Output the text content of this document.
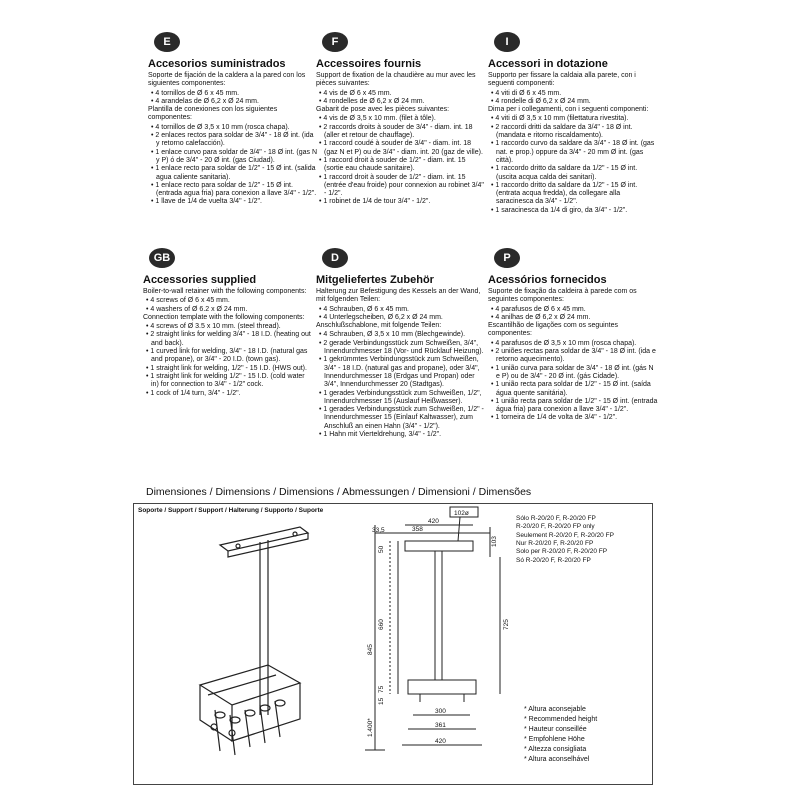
E
Accesorios suministrados
Soporte de fijación de la caldera a la pared con los siguientes componentes:
• 4 tornillos de Ø 6 x 45 mm.
• 4 arandelas de Ø 6,2 x Ø 24 mm.
Plantilla de conexiones con los siguientes componentes:
• 4 tornillos de Ø 3,5 x 10 mm (rosca chapa).
• 2 enlaces rectos para soldar de 3/4" - 18 Ø int. (ida y retorno calefacción).
• 1 enlace curvo para soldar de 3/4" - 18 Ø int. (gas N y P) ó de 3/4" - 20 Ø int. (gas Ciudad).
• 1 enlace recto para soldar de 1/2" - 15 Ø int. (salida agua caliente sanitaria).
• 1 enlace recto para soldar de 1/2" - 15 Ø int. (entrada agua fria) para conexion a llave 3/4" - 1/2".
• 1 llave de 1/4 de vuelta 3/4" - 1/2".
F
Accessoires fournis
Support de fixation de la chaudière au mur avec les pièces suivantes:
• 4 vis de Ø 6 x 45 mm.
• 4 rondelles de Ø 6,2 x Ø 24 mm.
Gabarit de pose avec les pièces suivantes:
• 4 vis de Ø 3,5 x 10 mm. (filet à tôle).
• 2 raccords droits à souder de 3/4" - diam. int. 18 (aller et retour de chauffage).
• 1 raccord coudé à souder de 3/4" - diam. int. 18 (gaz N et P) ou de 3/4" - diam. int. 20 (gaz de ville).
• 1 raccord droit à souder de 1/2" - diam. int. 15 (sortie eau chaude sanitaire).
• 1 raccord droit à souder de 1/2" - diam. int. 15 (entrée d'eau froide) pour connexion au robinet 3/4" - 1/2".
• 1 robinet de 1/4 de tour 3/4" - 1/2".
I
Accessori in dotazione
Supporto per fissare la caldaia alla parete, con i seguenti componenti:
• 4 viti di Ø 6 x 45 mm.
• 4 rondelle di Ø 6,2 x Ø 24 mm.
Dima per i collegamenti, con i seguenti componenti:
• 4 viti di Ø 3,5 x 10 mm (filettatura rivestita).
• 2 raccordi dritti da saldare da 3/4" - 18 Ø int. (mandata e ritorno riscaldamento).
• 1 raccordo curvo da saldare da 3/4" - 18 Ø int. (gas nat. e prop.) oppure da 3/4" - 20 mm Ø int. (gas città).
• 1 raccordo dritto da saldare da 1/2" - 15 Ø int. (uscita acqua calda dei sanitari).
• 1 raccordo dritto da saldare da 1/2" - 15 Ø int. (entrata acqua fredda), da collegare alla saracinesca da 3/4" - 1/2".
• 1 saracinesca da 1/4 di giro, da 3/4" - 1/2".
GB
Accessories supplied
Boiler-to-wall retainer with the following components:
• 4 screws of Ø 6 x 45 mm.
• 4 washers of Ø 6.2 x Ø 24 mm.
Connection template with the following components:
• 4 screws of Ø 3.5 x 10 mm. (steel thread).
• 2 straight links for welding 3/4" - 18 I.D. (heating out and back).
• 1 curved link for welding, 3/4" - 18 I.D. (natural gas and propane), or 3/4" - 20 I.D. (town gas).
• 1 straight link for welding, 1/2" - 15 I.D. (HWS out).
• 1 straight link for welding 1/2" - 15 I.D. (cold water in) for connection to 3/4" - 1/2" cock.
• 1 cock of 1/4 turn, 3/4" - 1/2".
D
Mitgeliefertes Zubehör
Halterung zur Befestigung des Kessels an der Wand, mit folgenden Teilen:
• 4 Schrauben, Ø 6 x 45 mm.
• 4 Unterlegscheiben, Ø 6,2 x Ø 24 mm.
Anschlußschablone, mit folgende Teilen:
• 4 Schrauben, Ø 3,5 x 10 mm (Blechgewinde).
• 2 gerade Verbindungsstück zum Schweißen, 3/4", Innendurchmesser 18 (Vor- und Rücklauf Heizung).
• 1 gekrümmtes Verbindungsstück zum Schweißen, 3/4" - 18 I.D. (natural gas and propane), oder 3/4", Innendurchmesser 18 (Erdgas und Propan) oder 3/4", Innendurchmesser 20 (Stadtgas).
• 1 gerades Verbindungsstück zum Schweißen, 1/2", Innendurchmesser 15 (Auslauf Heißwasser).
• 1 gerades Verbindungsstück zum Schweißen, 1/2" - Innendurchmesser 15 (Einlauf Kaltwasser), zum Anschluß an einen Hahn (3/4" - 1/2").
• 1 Hahn mit Vierteldrehung, 3/4" - 1/2".
P
Acessórios fornecidos
Suporte de fixação da caldeira à parede com os seguintes componentes:
• 4 parafusos de Ø 6 x 45 mm.
• 4 anilhas de Ø 6,2 x Ø 24 mm.
Escantilhão de ligações com os seguintes componentes:
• 4 parafusos de Ø 3,5 x 10 mm (rosca chapa).
• 2 uniões rectas para soldar de 3/4" - 18 Ø int. (ida e retorno aquecimento).
• 1 união curva para soldar de 3/4" - 18 Ø int. (gás N e P) ou de 3/4" - 20 Ø int. (gás Cidade).
• 1 união recta para soldar de 1/2" - 15 Ø int. (saída água quente sanitária).
• 1 união recta para soldar de 1/2" - 15 Ø int. (entrada água fria) para conexion a llave 3/4" - 1/2".
• 1 torneira de 1/4 de volta de 3/4" - 1/2".
Dimensiones / Dimensions / Dimensions / Abmessungen / Dimensioni / Dimensões
Soporte / Support / Support / Halterung / Supporto / Suporte	102ø
33,5
420
358
50
660
845
75
15
1.400*
103
725
300
361
420
Sólo R-20/20 F, R-20/20 FP
R-20/20 F, R-20/20 FP only
Seulement R-20/20 F, R-20/20 FP
Nur R-20/20 F, R-20/20 FP
Solo per R-20/20 F, R-20/20 FP
Só R-20/20 F, R-20/20 FP
* Altura aconsejable
* Recommended height
* Hauteur conseillée
* Empfohlene Höhe
* Altezza consigliata
* Altura aconselhável
